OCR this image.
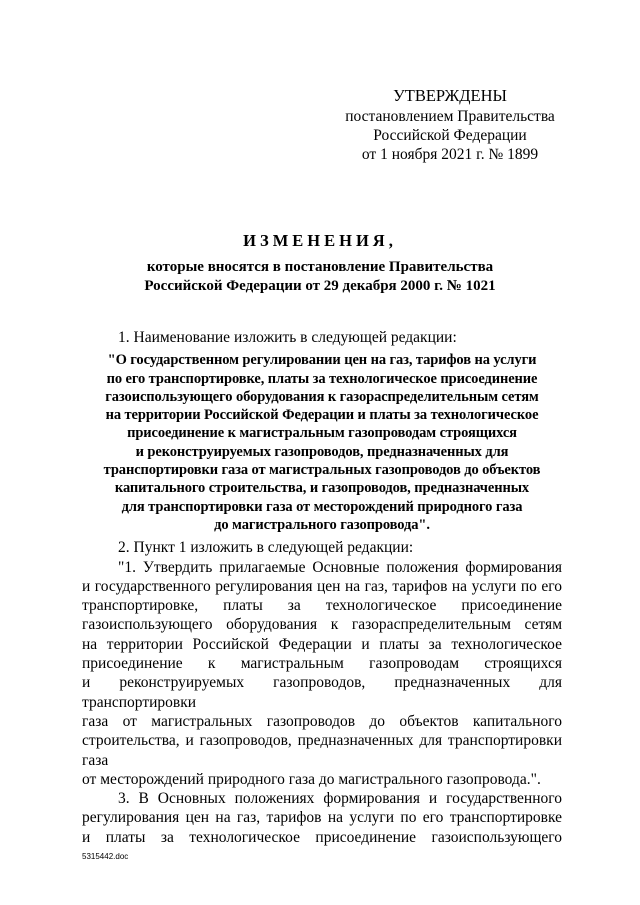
УТВЕРЖДЕНЫ
постановлением Правительства
Российской Федерации
от 1 ноября 2021 г. № 1899
ИЗМЕНЕНИЯ,
которые вносятся в постановление Правительства
Российской Федерации от 29 декабря 2000 г. № 1021

1. Наименование изложить в следующей редакции:

"О государственном регулировании цен на газ, тарифов на услуги
по его транспортировке, платы за технологическое присоединение
газоиспользующего оборудования к газораспределительным сетям
на территории Российской Федерации и платы за технологическое
присоединение к магистральным газопроводам строящихся
и реконструируемых газопроводов, предназначенных для
транспортировки газа от магистральных газопроводов до объектов
капитального строительства, и газопроводов, предназначенных
для транспортировки газа от месторождений природного газа
до магистрального газопровода".

2. Пункт 1 изложить в следующей редакции:

"1. Утвердить прилагаемые Основные положения формирования

и государственного регулирования цен на газ, тарифов на услуги по его

транспортировке, платы за технологическое присоединение

газоиспользующего оборудования к газораспределительным сетям

на территории Российской Федерации и платы за технологическое

присоединение к магистральным газопроводам строящихся

и реконструируемых газопроводов, предназначенных для транспортировки

газа от магистральных газопроводов до объектов капитального

строительства, и газопроводов, предназначенных для транспортировки газа

от месторождений природного газа до магистрального газопровода.".

3. В Основных положениях формирования и государственного

регулирования цен на газ, тарифов на услуги по его транспортировке

и платы за технологическое присоединение газоиспользующего

5315442.doc
